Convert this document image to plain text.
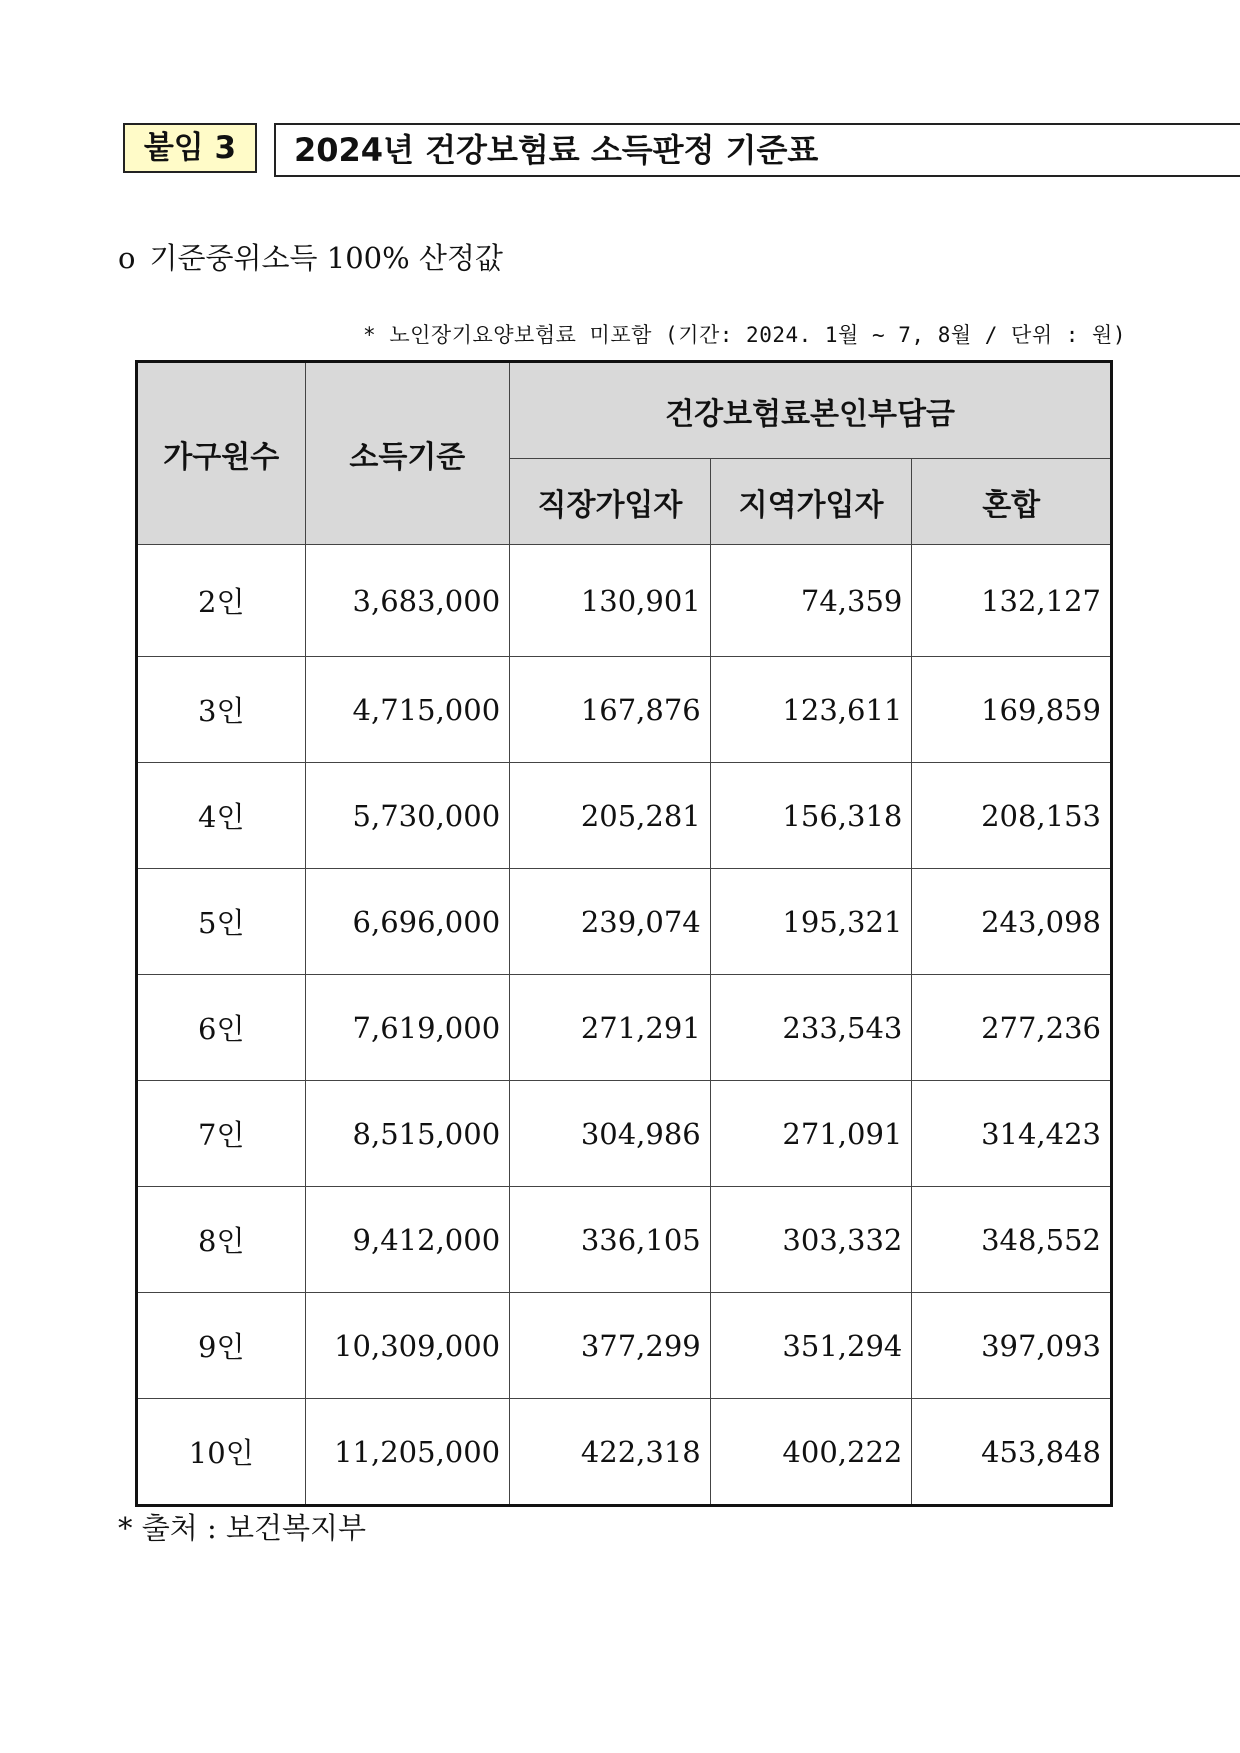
붙임 3	2024년 건강보험료 소득판정 기준표
o 기준중위소득 100% 산정값
* 노인장기요양보험료 미포함 (기간: 2024. 1월 ~ 7, 8월 / 단위 : 원)
가구원수	소득기준	건강보험료본인부담금		
		직장가입자	지역가입자	혼합
2인	3,683,000	130,901	74,359	132,127
3인	4,715,000	167,876	123,611	169,859
4인	5,730,000	205,281	156,318	208,153
5인	6,696,000	239,074	195,321	243,098
6인	7,619,000	271,291	233,543	277,236
7인	8,515,000	304,986	271,091	314,423
8인	9,412,000	336,105	303,332	348,552
9인	10,309,000	377,299	351,294	397,093
10인	11,205,000	422,318	400,222	453,848
* 출처 : 보건복지부
